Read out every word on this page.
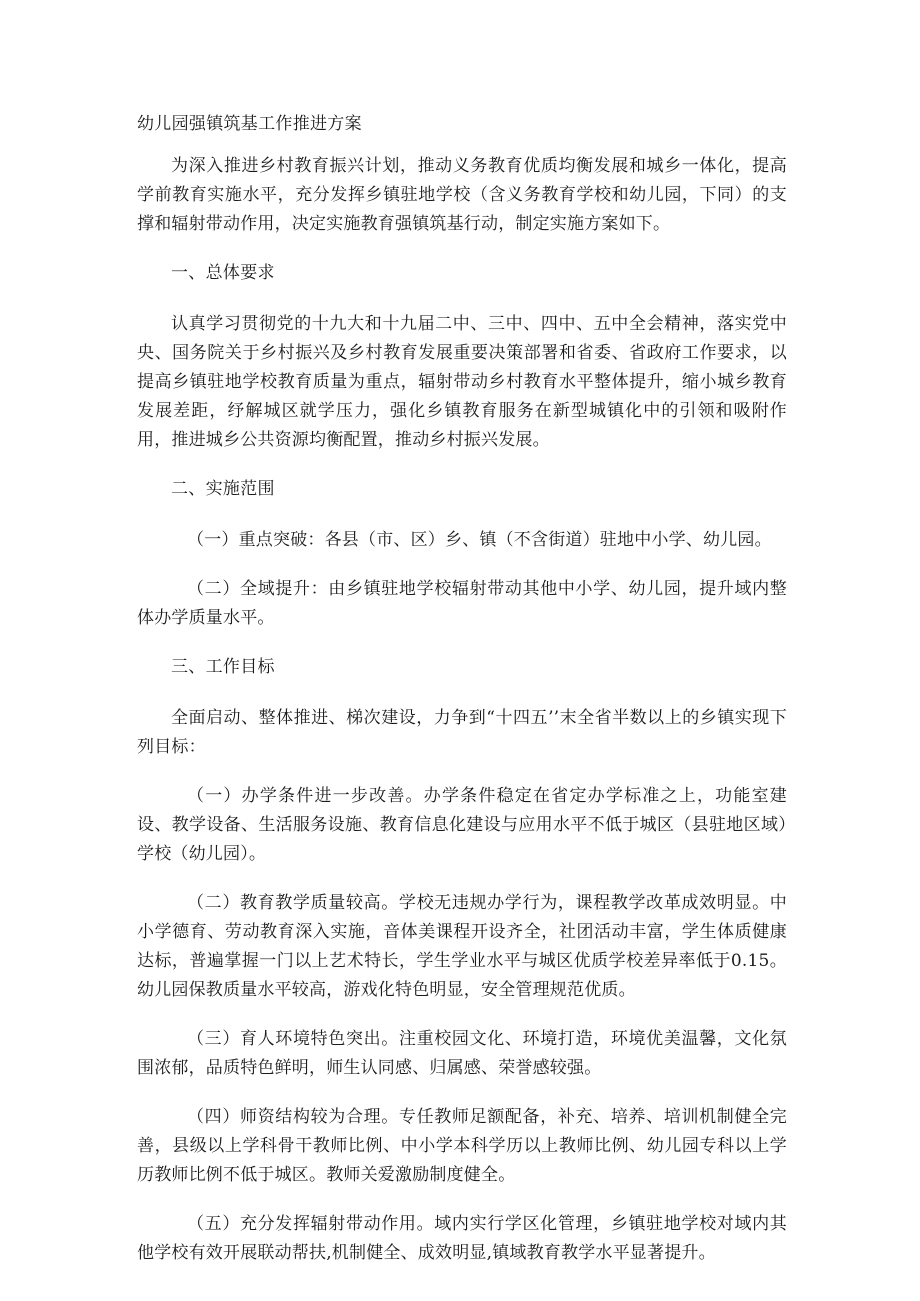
幼儿园强镇筑基工作推进方案

为深入推进乡村教育振兴计划，推动义务教育优质均衡发展和城乡一体化，提高学前教育实施水平，充分发挥乡镇驻地学校（含义务教育学校和幼儿园，下同）的支撑和辐射带动作用，决定实施教育强镇筑基行动，制定实施方案如下。

一、总体要求

认真学习贯彻党的十九大和十九届二中、三中、四中、五中全会精神，落实党中央、国务院关于乡村振兴及乡村教育发展重要决策部署和省委、省政府工作要求，以提高乡镇驻地学校教育质量为重点，辐射带动乡村教育水平整体提升，缩小城乡教育发展差距，纾解城区就学压力，强化乡镇教育服务在新型城镇化中的引领和吸附作用，推进城乡公共资源均衡配置，推动乡村振兴发展。

二、实施范围

（一）重点突破：各县（市、区）乡、镇（不含街道）驻地中小学、幼儿园。

（二）全域提升：由乡镇驻地学校辐射带动其他中小学、幼儿园，提升域内整体办学质量水平。

三、工作目标

全面启动、整体推进、梯次建设，力争到“十四五’’末全省半数以上的乡镇实现下列目标：

（一）办学条件进一步改善。办学条件稳定在省定办学标准之上，功能室建设、教学设备、生活服务设施、教育信息化建设与应用水平不低于城区（县驻地区域）学校（幼儿园）。

（二）教育教学质量较高。学校无违规办学行为，课程教学改革成效明显。中小学德育、劳动教育深入实施，音体美课程开设齐全，社团活动丰富，学生体质健康达标，普遍掌握一门以上艺术特长，学生学业水平与城区优质学校差异率低于0.15。幼儿园保教质量水平较高，游戏化特色明显，安全管理规范优质。

（三）育人环境特色突出。注重校园文化、环境打造，环境优美温馨，文化氛围浓郁，品质特色鲜明，师生认同感、归属感、荣誉感较强。

（四）师资结构较为合理。专任教师足额配备，补充、培养、培训机制健全完善，县级以上学科骨干教师比例、中小学本科学历以上教师比例、幼儿园专科以上学历教师比例不低于城区。教师关爱激励制度健全。

（五）充分发挥辐射带动作用。域内实行学区化管理，乡镇驻地学校对域内其他学校有效开展联动帮扶,机制健全、成效明显,镇域教育教学水平显著提升。
